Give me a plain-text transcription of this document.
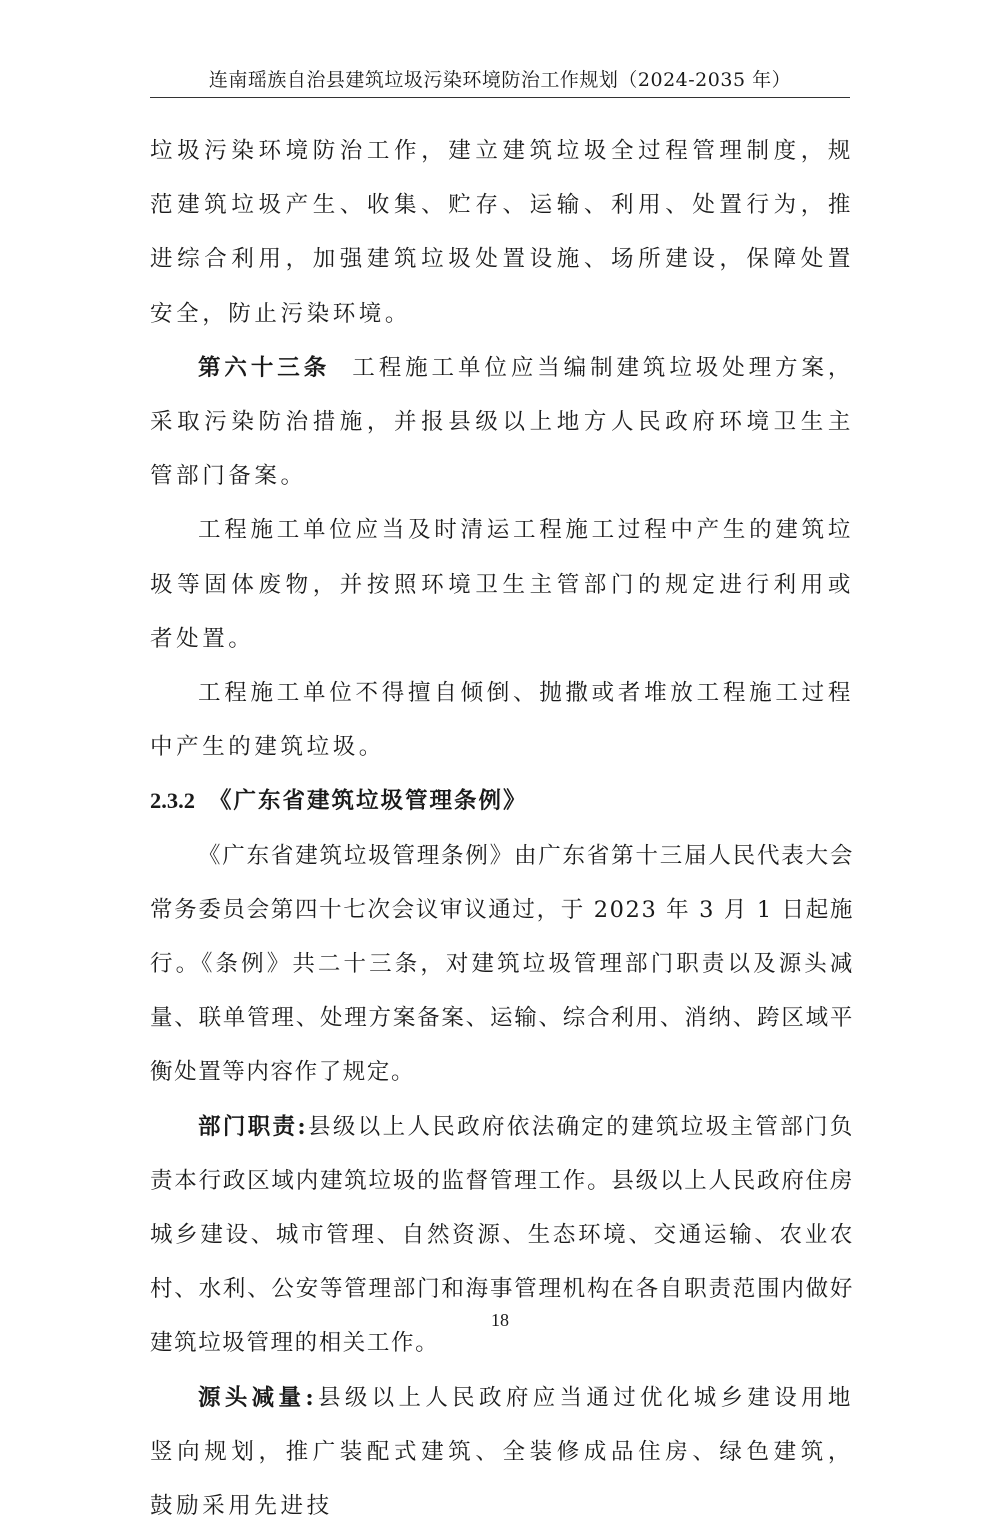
连南瑶族自治县建筑垃圾污染环境防治工作规划（2024-2035 年）

垃圾污染环境防治工作，建立建筑垃圾全过程管理制度，规范建筑垃圾产生、收集、贮存、运输、利用、处置行为，推进综合利用，加强建筑垃圾处置设施、场所建设，保障处置安全，防止污染环境。

第六十三条 工程施工单位应当编制建筑垃圾处理方案，采取污染防治措施，并报县级以上地方人民政府环境卫生主管部门备案。

工程施工单位应当及时清运工程施工过程中产生的建筑垃圾等固体废物，并按照环境卫生主管部门的规定进行利用或者处置。

工程施工单位不得擅自倾倒、抛撒或者堆放工程施工过程中产生的建筑垃圾。

2.3.2 《广东省建筑垃圾管理条例》

《广东省建筑垃圾管理条例》由广东省第十三届人民代表大会常务委员会第四十七次会议审议通过，于 2023 年 3 月 1 日起施行。《条例》共二十三条，对建筑垃圾管理部门职责以及源头减量、联单管理、处理方案备案、运输、综合利用、消纳、跨区域平衡处置等内容作了规定。

部门职责:县级以上人民政府依法确定的建筑垃圾主管部门负责本行政区域内建筑垃圾的监督管理工作。县级以上人民政府住房城乡建设、城市管理、自然资源、生态环境、交通运输、农业农村、水利、公安等管理部门和海事管理机构在各自职责范围内做好建筑垃圾管理的相关工作。

源头减量:县级以上人民政府应当通过优化城乡建设用地竖向规划，推广装配式建筑、全装修成品住房、绿色建筑，鼓励采用先进技

18
